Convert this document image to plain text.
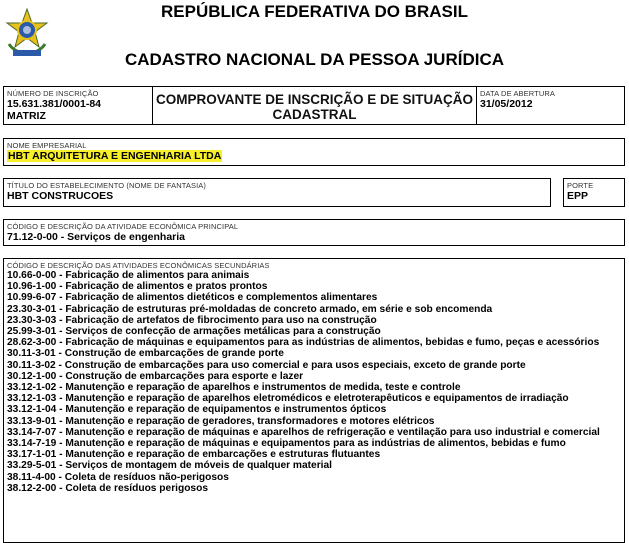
REPÚBLICA FEDERATIVA DO BRASIL
CADASTRO NACIONAL DA PESSOA JURÍDICA
NÚMERO DE INSCRIÇÃO
15.631.381/0001-84
MATRIZ
COMPROVANTE DE INSCRIÇÃO E DE SITUAÇÃO
CADASTRAL
DATA DE ABERTURA
31/05/2012
NOME EMPRESARIAL
HBT ARQUITETURA E ENGENHARIA LTDA
TÍTULO DO ESTABELECIMENTO (NOME DE FANTASIA)
HBT CONSTRUCOES
PORTE
EPP
CÓDIGO E DESCRIÇÃO DA ATIVIDADE ECONÔMICA PRINCIPAL
71.12-0-00 - Serviços de engenharia
CÓDIGO E DESCRIÇÃO DAS ATIVIDADES ECONÔMICAS SECUNDÁRIAS
10.66-0-00 - Fabricação de alimentos para animais
10.96-1-00 - Fabricação de alimentos e pratos prontos
10.99-6-07 - Fabricação de alimentos dietéticos e complementos alimentares
23.30-3-01 - Fabricação de estruturas pré-moldadas de concreto armado, em série e sob encomenda
23.30-3-03 - Fabricação de artefatos de fibrocimento para uso na construção
25.99-3-01 - Serviços de confecção de armações metálicas para a construção
28.62-3-00 - Fabricação de máquinas e equipamentos para as indústrias de alimentos, bebidas e fumo, peças e acessórios
30.11-3-01 - Construção de embarcações de grande porte
30.11-3-02 - Construção de embarcações para uso comercial e para usos especiais, exceto de grande porte
30.12-1-00 - Construção de embarcações para esporte e lazer
33.12-1-02 - Manutenção e reparação de aparelhos e instrumentos de medida, teste e controle
33.12-1-03 - Manutenção e reparação de aparelhos eletromédicos e eletroterapêuticos e equipamentos de irradiação
33.12-1-04 - Manutenção e reparação de equipamentos e instrumentos ópticos
33.13-9-01 - Manutenção e reparação de geradores, transformadores e motores elétricos
33.14-7-07 - Manutenção e reparação de máquinas e aparelhos de refrigeração e ventilação para uso industrial e comercial
33.14-7-19 - Manutenção e reparação de máquinas e equipamentos para as indústrias de alimentos, bebidas e fumo
33.17-1-01 - Manutenção e reparação de embarcações e estruturas flutuantes
33.29-5-01 - Serviços de montagem de móveis de qualquer material
38.11-4-00 - Coleta de resíduos não-perigosos
38.12-2-00 - Coleta de resíduos perigosos
